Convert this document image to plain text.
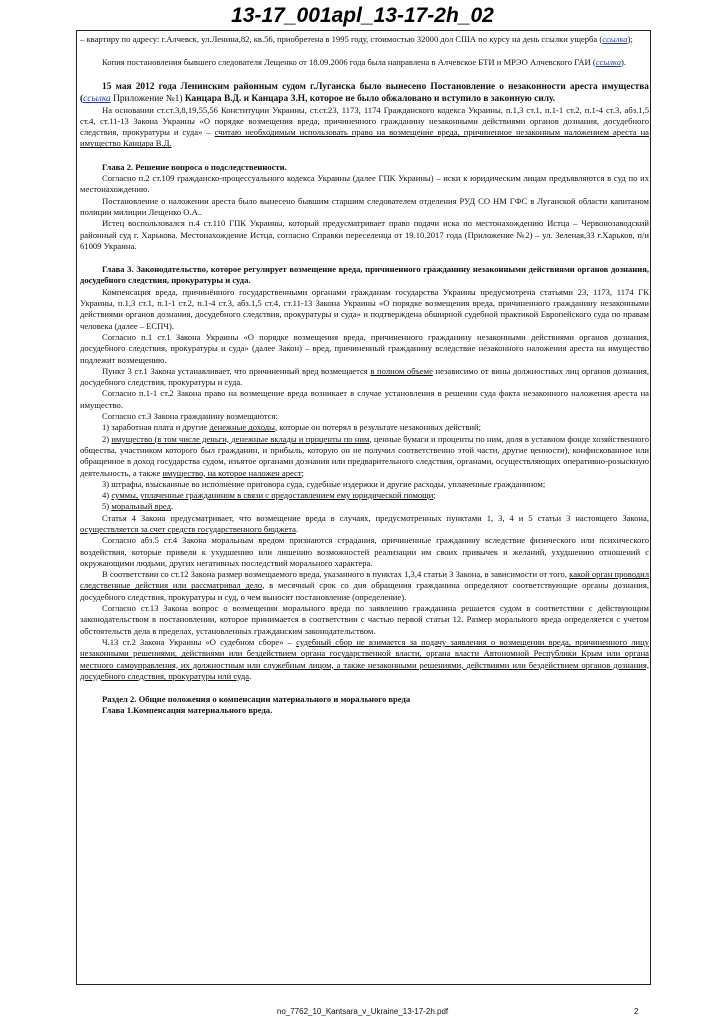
13-17_001apl_13-17-2h_02

– квартиру по адресу: г.Алчевск, ул.Ленина,82, кв.56, приобретена в 1995 году, стоимостью 32000 дол США по курсу на день ссылки ущерба (ссылка);

Копия постановления бывшего следователя Лещенко от 18.09.2006 года была направлена в Алчевское БТИ и МРЭО Алчевского ГАИ (ссылка).

15 мая 2012 года Ленинским районным судом г.Луганска было вынесено Постановление о незаконности ареста имущества (ссылка Приложение №1) Канцара В.Д. и Канцара З.Н, которое не было обжаловано и вступило в законную силу.

На основании ст.ст.3,8,19,55,56 Конституции Украины, ст.ст.23, 1173, 1174 Гражданского кодекса Украины, п.1,3 ст.1, п.1-1 ст.2, п.1-4 ст.3, абз.1,5 ст.4, ст.11-13 Закона Украины «О порядке возмещения вреда, причиненного гражданину незаконными действиями органов дознания, досудебного следствия, прокуратуры и суда» – считаю необходимым использовать право на возмещение вреда, причиненное незаконным наложением ареста на имущество Канцара В.Д.

Глава 2. Решение вопроса о подследственности.

Согласно п.2 ст.109 гражданско-процессуального кодекса Украины (далее ГПК Украины) – иски к юридическим лицам предъявляются в суд по их местонахождению.

Постановление о наложении ареста было вынесено бывшим старшим следователем отделения РУД СО НМ ГФС в Луганской области капитаном полиции милиции Лещенко О.А..

Истец воспользовался п.4 ст.110 ГПК Украины, который предусматривает право подачи иска по местонахождению Истца – Червонозаводский районный суд г. Харькова. Местонахождение Истца, согласно Справки переселенца от 19.10.2017 года (Приложение №2) – ул. Зеленая,33 г.Харьков, п/и 61009 Украина.

Глава 3. Законодательство, которое регулирует возмещение вреда, причиненного гражданину незаконными действиями органов дознания, досудебного следствия, прокуратуры и суда.

Компенсация вреда, причинённого государственными органами гражданам государства Украины предусмотрена статьями 23, 1173, 1174 ГК Украины, п.1,3 ст.1, п.1-1 ст.2, п.1-4 ст.3, абз.1,5 ст.4, ст.11-13 Закона Украины «О порядке возмещения вреда, причиненного гражданину незаконными действиями органов дознания, досудебного следствия, прокуратуры и суда» и подтверждена обширной судебной практикой Европейского суда по правам человека (далее – ЕСПЧ).

Согласно п.1 ст.1 Закона Украины «О порядке возмещения вреда, причиненного гражданину незаконными действиями органов дознания, досудебного следствия, прокуратуры и суда» (далее Закон) – вред, причиненный гражданину вследствие незаконного наложения ареста на имущество подлежит возмещению.

Пункт 3 ст.1 Закона устанавливает, что причиненный вред возмещается в полном объеме независимо от вины должностных лиц органов дознания, досудебного следствия, прокуратуры и суда.

Согласно п.1-1 ст.2 Закона право на возмещение вреда возникает в случае установления в решении суда факта незаконного наложения ареста на имущество.

Согласно ст.3 Закона гражданину возмещаются:

1) заработная плата и другие денежные доходы, которые он потерял в результате незаконных действий;

2) имущество (в том числе деньги, денежные вклады и проценты по ним, ценные бумаги и проценты по ним, доля в уставном фонде хозяйственного общества, участником которого был гражданин, и прибыль, которую он не получил соответственно этой части, другие ценности), конфискованное или обращенное в доход государства судом, изъятое органами дознания или предварительного следствия, органами, осуществляющих оперативно-розыскную деятельность, а также имущество, на которое наложен арест;

3) штрафы, взысканные во исполнение приговора суда, судебные издержки и другие расходы, уплаченные гражданином;

4) суммы, уплаченные гражданином в связи с предоставлением ему юридической помощи;

5) моральный вред.

Статья 4 Закона предусматривает, что возмещение вреда в случаях, предусмотренных пунктами 1, 3, 4 и 5 статьи 3 настоящего Закона, осуществляется за счет средств государственного бюджета.

Согласно абз.5 ст.4 Закона моральным вредом признаются страдания, причиненные гражданину вследствие физического или психического воздействия, которые привели к ухудшению или лишению возможностей реализации им своих привычек и желаний, ухудшению отношений с окружающими людьми, других негативных последствий морального характера.

В соответствии со ст.12 Закона размер возмещаемого вреда, указанного в пунктах 1,3,4 статьи 3 Закона, в зависимости от того, какой орган проводил следственные действия или рассматривал дело, в месячный срок со дня обращения гражданина определяют соответствующие органы дознания, досудебного следствия, прокуратуры и суд, о чем выносят постановление (определение).

Согласно ст.13 Закона вопрос о возмещении морального вреда по заявлению гражданина решается судом в соответствии с действующим законодательством в постановлении, которое принимается в соответствии с частью первой статьи 12. Размер морального вреда определяется с учетом обстоятельств дела в пределах, установленных гражданским законодательством.

Ч.13 ст.2 Закона Украины «О судебном сборе» – судебный сбор не взимается за подачу заявления о возмещении вреда, причиненного лицу незаконными решениями, действиями или бездействием органа государственной власти, органа власти Автономной Республики Крым или органа местного самоуправления, их должностным или служебным лицом, а также незаконными решениями, действиями или бездействием органов дознания, досудебного следствия, прокуратуры или суда.

Раздел 2. Общие положения о компенсации материального и морального вреда

Глава 1.Компенсация материального вреда.

no_7762_10_Kantsara_v_Ukraine_13-17-2h.pdf	2
